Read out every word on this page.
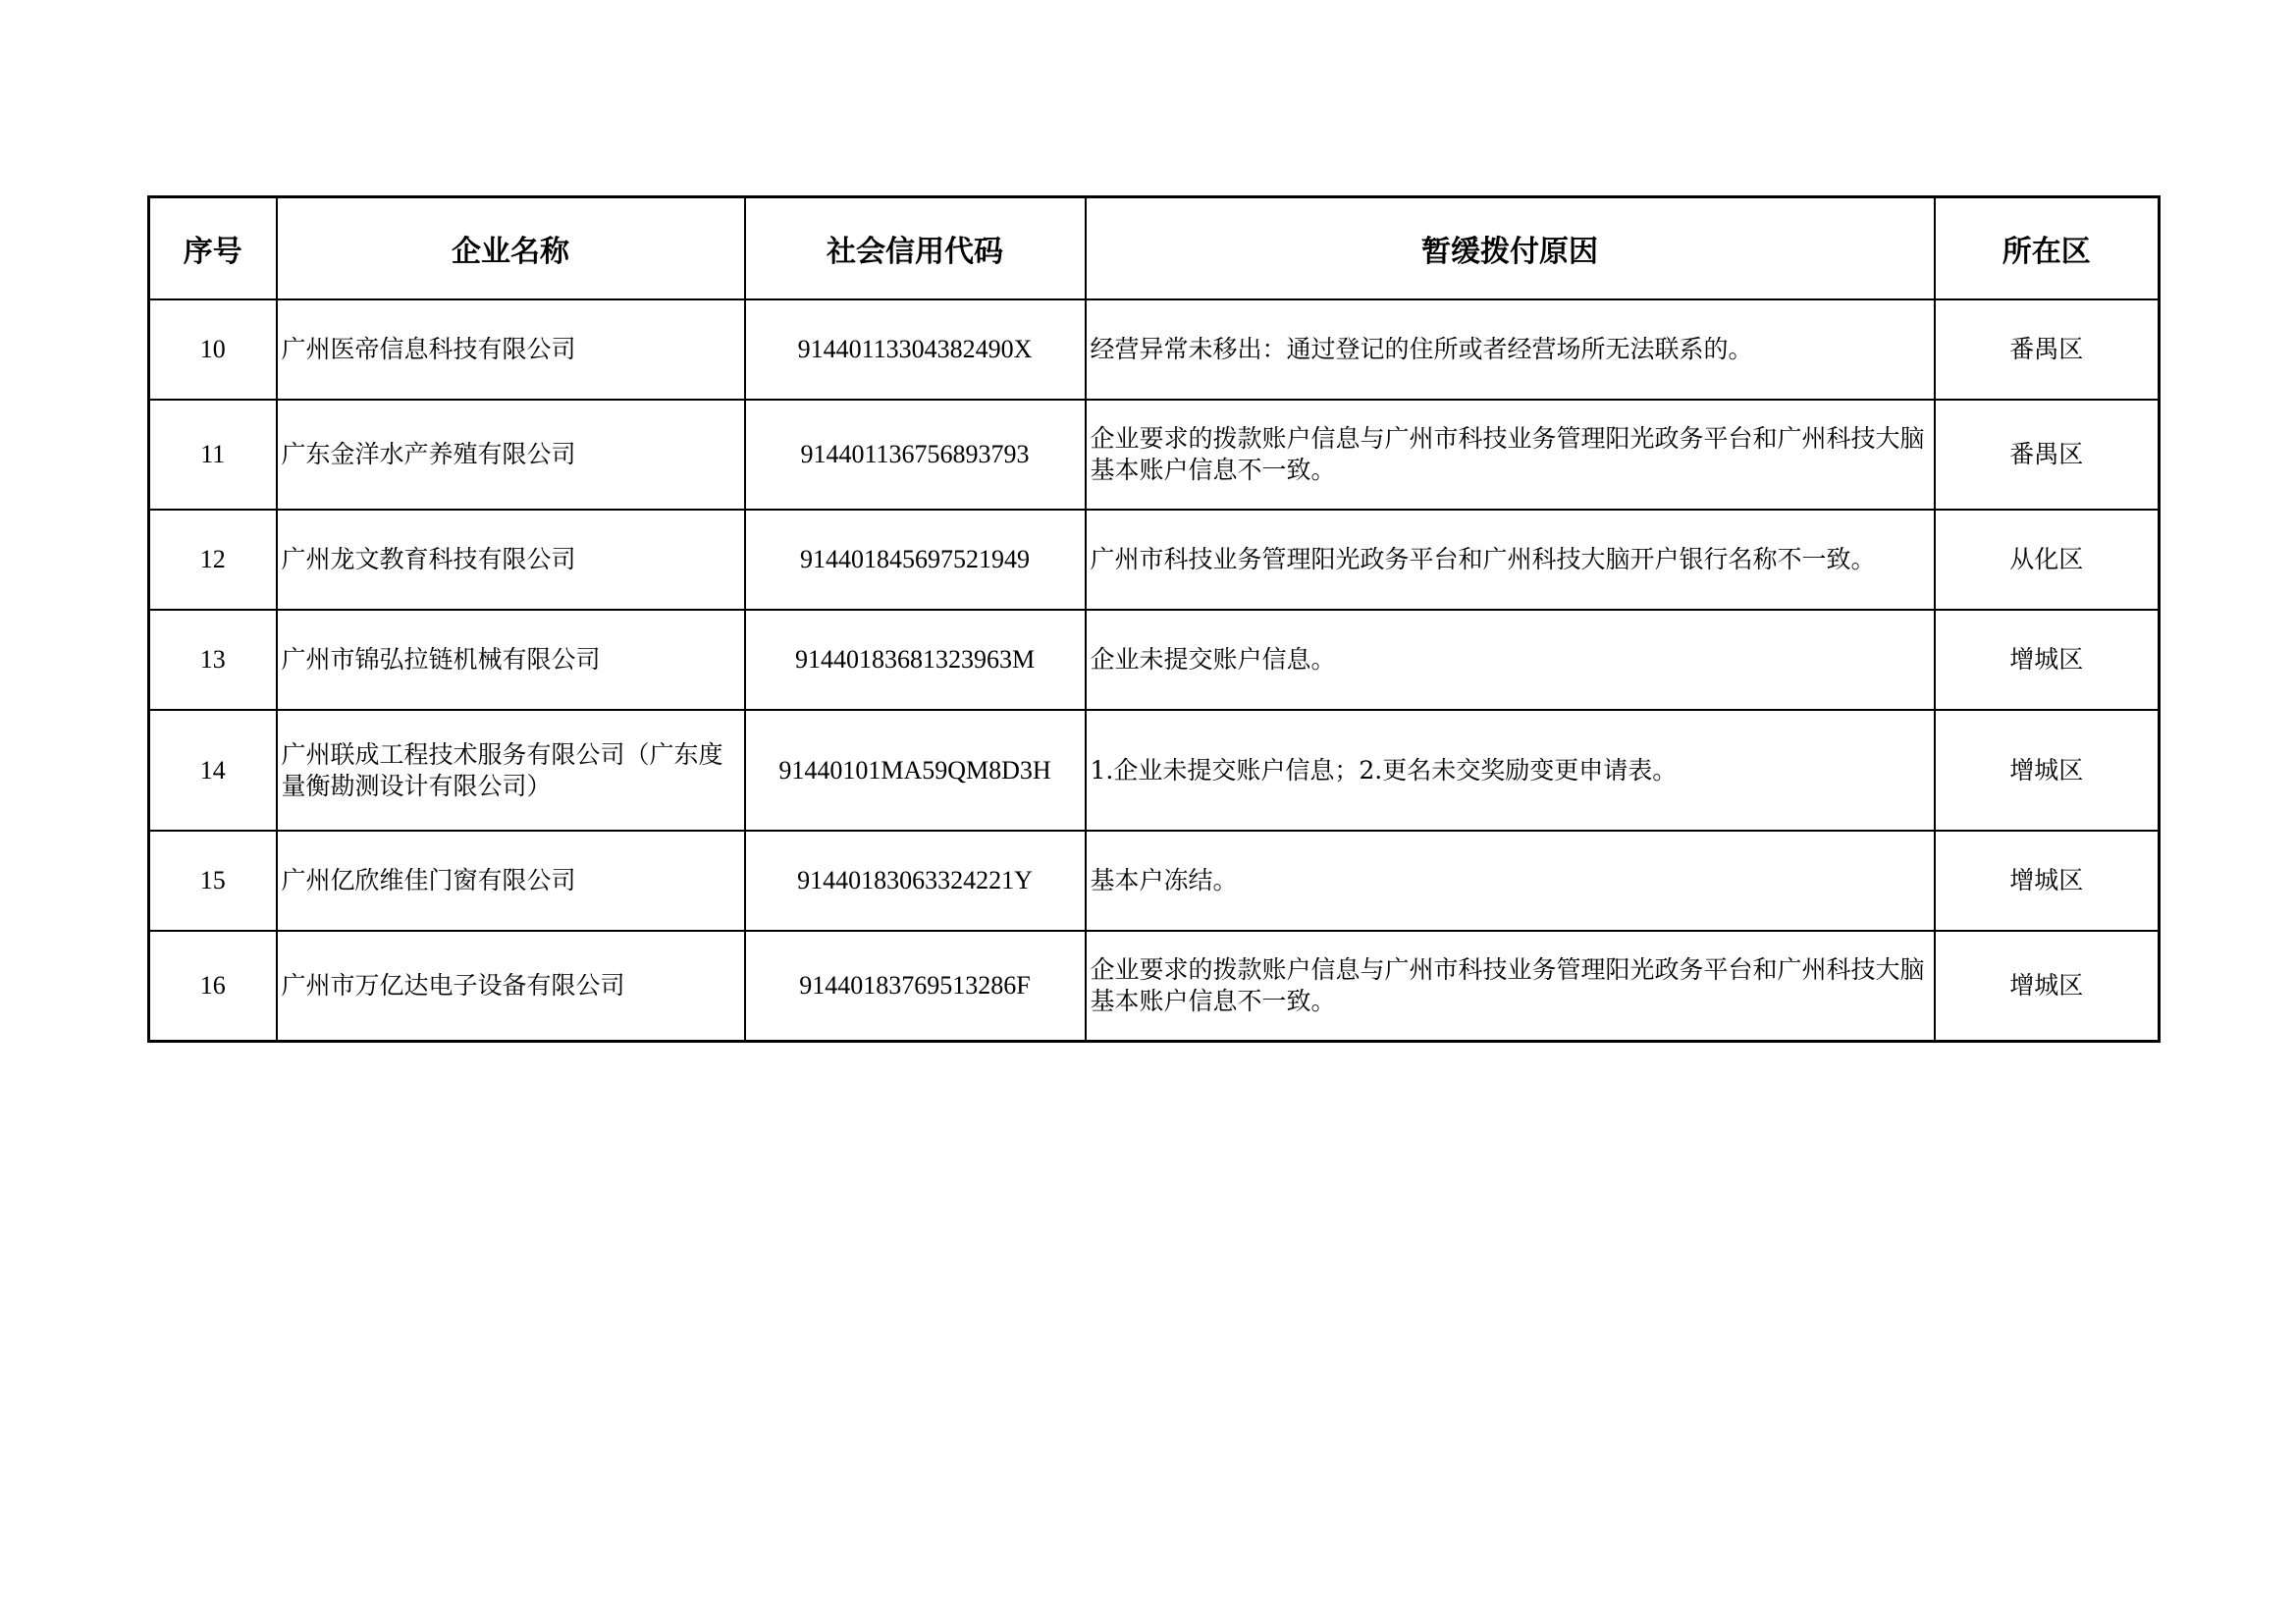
序号	企业名称	社会信用代码	暂缓拨付原因	所在区
10	广州医帝信息科技有限公司	91440113304382490X	经营异常未移出：通过登记的住所或者经营场所无法联系的。	番禺区
11	广东金洋水产养殖有限公司	914401136756893793	企业要求的拨款账户信息与广州市科技业务管理阳光政务平台和广州科技大脑基本账户信息不一致。	番禺区
12	广州龙文教育科技有限公司	914401845697521949	广州市科技业务管理阳光政务平台和广州科技大脑开户银行名称不一致。	从化区
13	广州市锦弘拉链机械有限公司	91440183681323963M	企业未提交账户信息。	增城区
14	广州联成工程技术服务有限公司（广东度量衡勘测设计有限公司）	91440101MA59QM8D3H	1.企业未提交账户信息；2.更名未交奖励变更申请表。	增城区
15	广州亿欣维佳门窗有限公司	91440183063324221Y	基本户冻结。	增城区
16	广州市万亿达电子设备有限公司	91440183769513286F	企业要求的拨款账户信息与广州市科技业务管理阳光政务平台和广州科技大脑基本账户信息不一致。	增城区
